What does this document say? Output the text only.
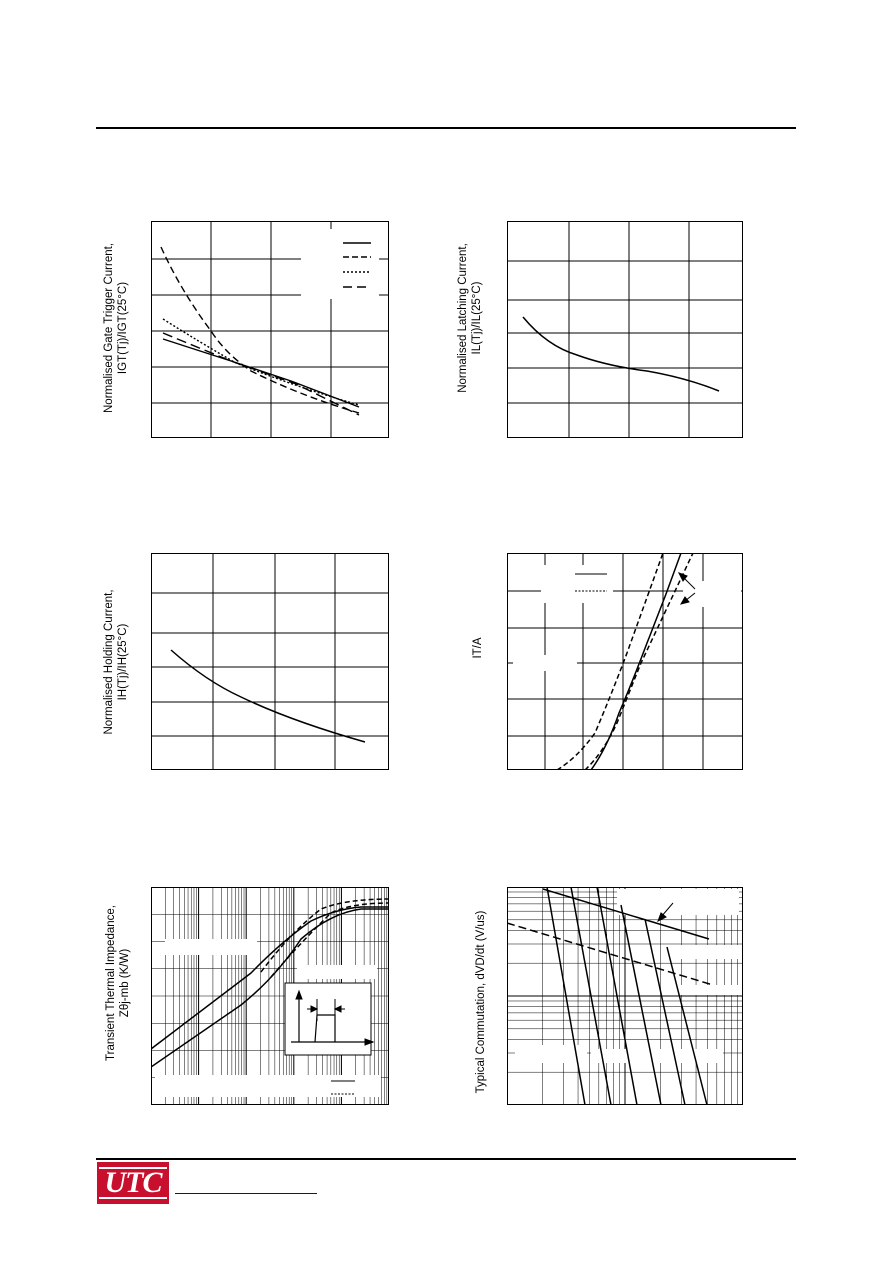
Normalised Gate Trigger Current, IGT(Tj)/IGT(25°C)	Normalised Latching Current, IL(Tj)/IL(25°C)
Normalised Holding Current, IH(Tj)/IH(25°C)	IT/A
Transient Thermal Impedance, Zθj-mb (K/W)	Typical Commutation, dVD/dt (V/us)
UTC
